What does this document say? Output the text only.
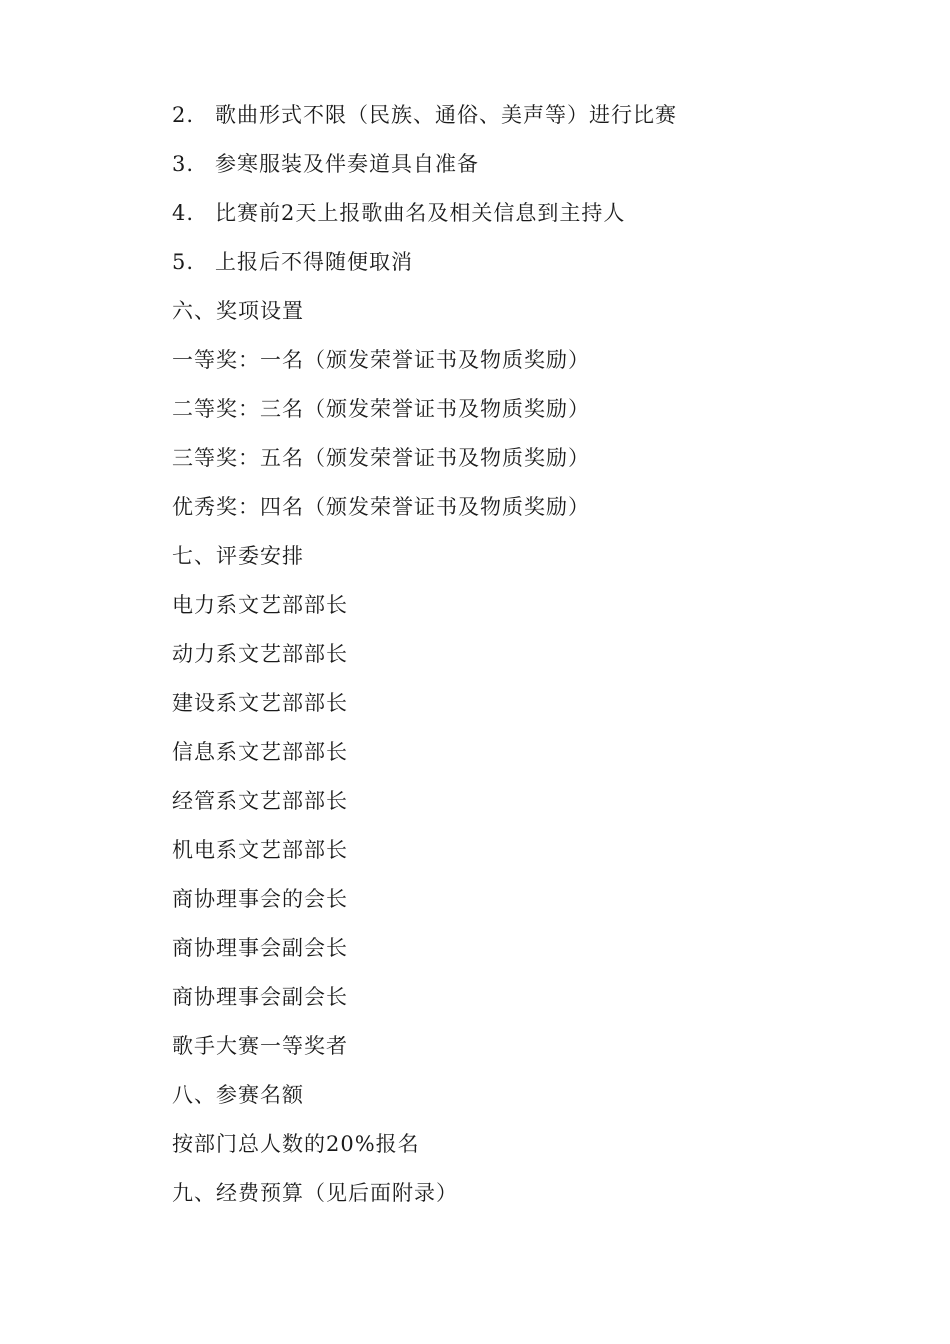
2. 歌曲形式不限（民族、通俗、美声等）进行比赛
3. 参寒服装及伴奏道具自准备
4. 比赛前2天上报歌曲名及相关信息到主持人
5. 上报后不得随便取消
六、奖项设置
一等奖：一名（颁发荣誉证书及物质奖励）
二等奖：三名（颁发荣誉证书及物质奖励）
三等奖：五名（颁发荣誉证书及物质奖励）
优秀奖：四名（颁发荣誉证书及物质奖励）
七、评委安排
电力系文艺部部长
动力系文艺部部长
建设系文艺部部长
信息系文艺部部长
经管系文艺部部长
机电系文艺部部长
商协理事会的会长
商协理事会副会长
商协理事会副会长
歌手大赛一等奖者
八、参赛名额
按部门总人数的20%报名
九、经费预算（见后面附录）
